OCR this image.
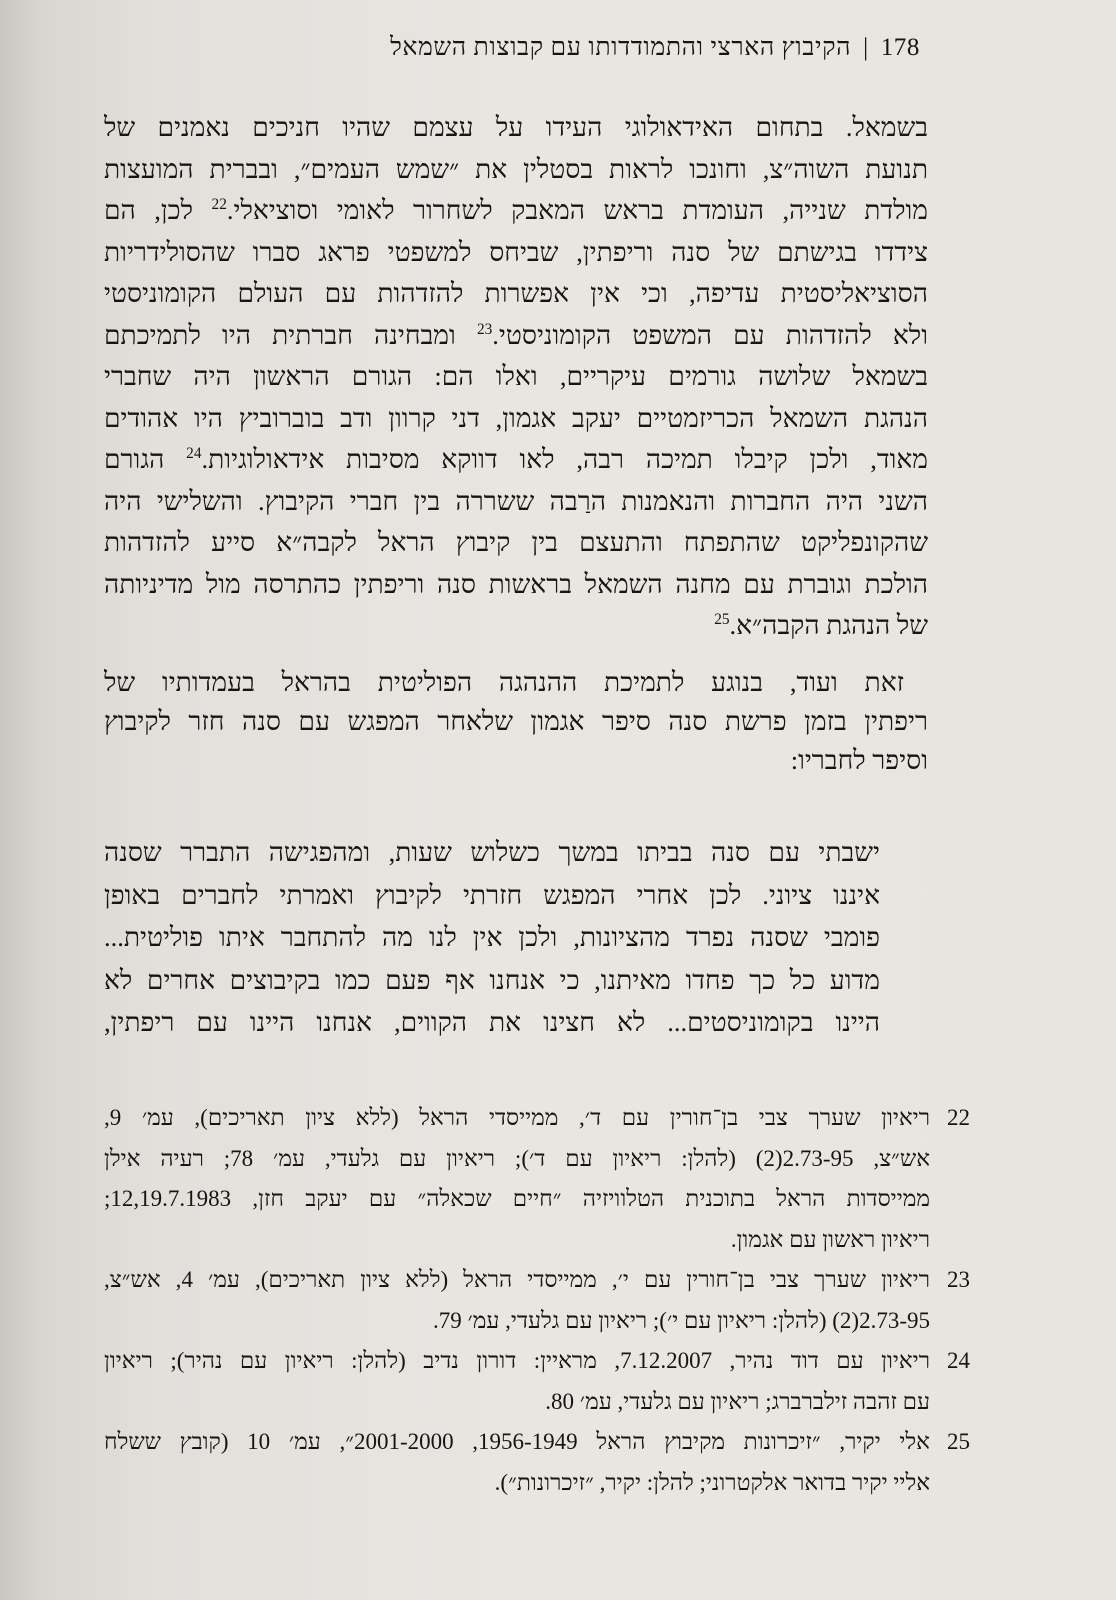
178|הקיבוץ הארצי והתמודדותו עם קבוצות השמאל
בשמאל. בתחום האידאולוגי העידו על עצמם שהיו חניכים נאמנים של
תנועת השוה״צ, וחונכו לראות בסטלין את ״שמש העמים״, ובברית המועצות
מולדת שנייה, העומדת בראש המאבק לשחרור לאומי וסוציאלי.$^{22}$ לכן, הם
צידדו בגישתם של סנה וריפתין, שביחס למשפטי פראג סברו שהסולידריות
הסוציאליסטית עדיפה, וכי אין אפשרות להזדהות עם העולם הקומוניסטי
ולא להזדהות עם המשפט הקומוניסטי.$^{23}$ ומבחינה חברתית היו לתמיכתם
בשמאל שלושה גורמים עיקריים, ואלו הם: הגורם הראשון היה שחברי
הנהגת השמאל הכריזמטיים יעקב אגמון, דני קרוון ודב בוברוביץ היו אהודים
מאוד, ולכן קיבלו תמיכה רבה, לאו דווקא מסיבות אידאולוגיות.$^{24}$ הגורם
השני היה החברות והנאמנות הרַבה ששררה בין חברי הקיבוץ. והשלישי היה
שהקונפליקט שהתפתח והתעצם בין קיבוץ הראל לקבה״א סייע להזדהות
הולכת וגוברת עם מחנה השמאל בראשות סנה וריפתין כהתרסה מול מדיניותה
של הנהגת הקבה״א.$^{25}$
זאת ועוד, בנוגע לתמיכת ההנהגה הפוליטית בהראל בעמדותיו של
ריפתין בזמן פרשת סנה סיפר אגמון שלאחר המפגש עם סנה חזר לקיבוץ
וסיפר לחבריו:
ישבתי עם סנה בביתו במשך כשלוש שעות, ומהפגישה התברר שסנה
איננו ציוני. לכן אחרי המפגש חזרתי לקיבוץ ואמרתי לחברים באופן
פומבי שסנה נפרד מהציונות, ולכן אין לנו מה להתחבר איתו פוליטית...
מדוע כל כך פחדו מאיתנו, כי אנחנו אף פעם כמו בקיבוצים אחרים לא
היינו בקומוניסטים... לא חצינו את הקווים, אנחנו היינו עם ריפתין,
22
ריאיון שערך צבי בן־חורין עם ד׳, ממייסדי הראל (ללא ציון תאריכים), עמ׳ 9,
אש״צ, 2.73-95(2) (להלן: ריאיון עם ד׳); ריאיון עם גלעדי, עמ׳ 78; רעיה אילן
ממייסדות הראל בתוכנית הטלוויזיה ״חיים שכאלה״ עם יעקב חזן, 12,19.7.1983;
ריאיון ראשון עם אגמון.
23
ריאיון שערך צבי בן־חורין עם י׳, ממייסדי הראל (ללא ציון תאריכים), עמ׳ 4, אש״צ,
2.73-95(2) (להלן: ריאיון עם י׳); ריאיון עם גלעדי, עמ׳ 79.
24
ריאיון עם דוד נהיר, 7.12.2007, מראיין: דורון נדיב (להלן: ריאיון עם נהיר); ריאיון
עם זהבה זילברברג; ריאיון עם גלעדי, עמ׳ 80.
25
אלי יקיר, ״זיכרונות מקיבוץ הראל 1956-1949, 2001-2000״, עמ׳ 10 (קובץ ששלח
אליי יקיר בדואר אלקטרוני; להלן: יקיר, ״זיכרונות״).
